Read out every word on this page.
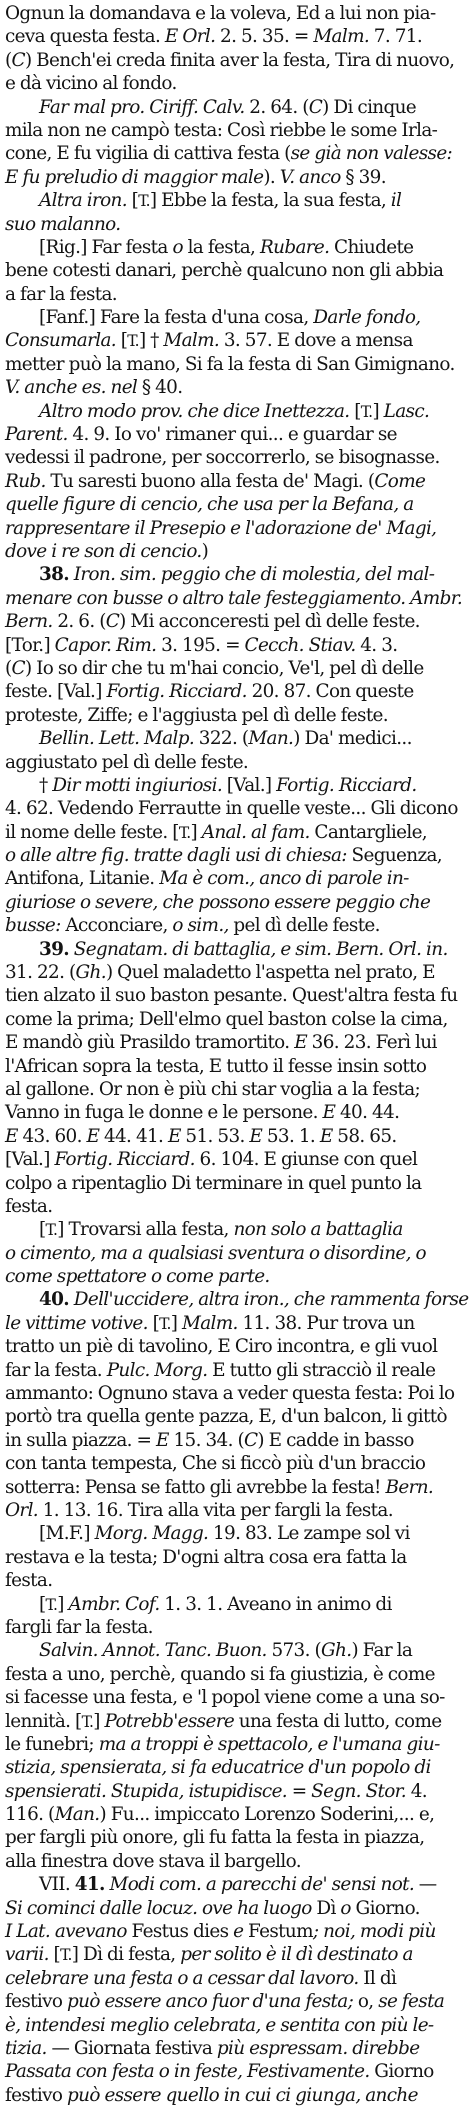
Ognun la domandava e la voleva, Ed a lui non pia-
ceva questa festa. E Orl. 2. 5. 35. = Malm. 7. 71.
(C) Bench'ei creda finita aver la festa, Tira di nuovo,
e dà vicino al fondo.
Far mal pro. Ciriff. Calv. 2. 64. (C) Di cinque
mila non ne campò testa: Così riebbe le some Irla-
cone, E fu vigilia di cattiva festa (se già non valesse:
E fu preludio di maggior male). V. anco § 39.
Altra iron. [T.] Ebbe la festa, la sua festa, il
suo malanno.
[Rig.] Far festa o la festa, Rubare. Chiudete
bene cotesti danari, perchè qualcuno non gli abbia
a far la festa.
[Fanf.] Fare la festa d'una cosa, Darle fondo,
Consumarla. [T.] † Malm. 3. 57. E dove a mensa
metter può la mano, Si fa la festa di San Gimignano.
V. anche es. nel § 40.
Altro modo prov. che dice Inettezza. [T.] Lasc.
Parent. 4. 9. Io vo' rimaner qui... e guardar se
vedessi il padrone, per soccorrerlo, se bisognasse.
Rub. Tu saresti buono alla festa de' Magi. (Come
quelle figure di cencio, che usa per la Befana, a
rappresentare il Presepio e l'adorazione de' Magi,
dove i re son di cencio.)
38. Iron. sim. peggio che di molestia, del mal-
menare con busse o altro tale festeggiamento. Ambr.
Bern. 2. 6. (C) Mi acconceresti pel dì delle feste.
[Tor.] Capor. Rim. 3. 195. = Cecch. Stiav. 4. 3.
(C) Io so dir che tu m'hai concio, Ve'l, pel dì delle
feste. [Val.] Fortig. Ricciard. 20. 87. Con queste
proteste, Ziffe; e l'aggiusta pel dì delle feste.
Bellin. Lett. Malp. 322. (Man.) Da' medici...
aggiustato pel dì delle feste.
† Dir motti ingiuriosi. [Val.] Fortig. Ricciard.
4. 62. Vedendo Ferrautte in quelle veste... Gli dicono
il nome delle feste. [T.] Anal. al fam. Cantargliele,
o alle altre fig. tratte dagli usi di chiesa: Seguenza,
Antifona, Litanie. Ma è com., anco di parole in-
giuriose o severe, che possono essere peggio che
busse: Acconciare, o sim., pel dì delle feste.
39. Segnatam. di battaglia, e sim. Bern. Orl. in.
31. 22. (Gh.) Quel maladetto l'aspetta nel prato, E
tien alzato il suo baston pesante. Quest'altra festa fu
come la prima; Dell'elmo quel baston colse la cima,
E mandò giù Prasildo tramortito. E 36. 23. Ferì lui
l'African sopra la testa, E tutto il fesse insin sotto
al gallone. Or non è più chi star voglia a la festa;
Vanno in fuga le donne e le persone. E 40. 44.
E 43. 60. E 44. 41. E 51. 53. E 53. 1. E 58. 65.
[Val.] Fortig. Ricciard. 6. 104. E giunse con quel
colpo a ripentaglio Di terminare in quel punto la
festa.
[T.] Trovarsi alla festa, non solo a battaglia
o cimento, ma a qualsiasi sventura o disordine, o
come spettatore o come parte.
40. Dell'uccidere, altra iron., che rammenta forse
le vittime votive. [T.] Malm. 11. 38. Pur trova un
tratto un piè di tavolino, E Ciro incontra, e gli vuol
far la festa. Pulc. Morg. E tutto gli stracciò il reale
ammanto: Ognuno stava a veder questa festa: Poi lo
portò tra quella gente pazza, E, d'un balcon, li gittò
in sulla piazza. = E 15. 34. (C) E cadde in basso
con tanta tempesta, Che si ficcò più d'un braccio
sotterra: Pensa se fatto gli avrebbe la festa! Bern.
Orl. 1. 13. 16. Tira alla vita per fargli la festa.
[M.F.] Morg. Magg. 19. 83. Le zampe sol vi
restava e la testa; D'ogni altra cosa era fatta la
festa.
[T.] Ambr. Cof. 1. 3. 1. Aveano in animo di
fargli far la festa.
Salvin. Annot. Tanc. Buon. 573. (Gh.) Far la
festa a uno, perchè, quando si fa giustizia, è come
si facesse una festa, e 'l popol viene come a una so-
lennità. [T.] Potrebb'essere una festa di lutto, come
le funebri; ma a troppi è spettacolo, e l'umana giu-
stizia, spensierata, si fa educatrice d'un popolo di
spensierati. Stupida, istupidisce. = Segn. Stor. 4.
116. (Man.) Fu... impiccato Lorenzo Soderini,... e,
per fargli più onore, gli fu fatta la festa in piazza,
alla finestra dove stava il bargello.
VII. 41. Modi com. a parecchi de' sensi not. —
Si cominci dalle locuz. ove ha luogo Dì o Giorno.
I Lat. avevano Festus dies e Festum; noi, modi più
varii. [T.] Dì di festa, per solito è il dì destinato a
celebrare una festa o a cessar dal lavoro. Il dì
festivo può essere anco fuor d'una festa; o, se festa
è, intendesi meglio celebrata, e sentita con più le-
tizia. — Giornata festiva più espressam. direbbe
Passata con festa o in feste, Festivamente. Giorno
festivo può essere quello in cui ci giunga, anche
